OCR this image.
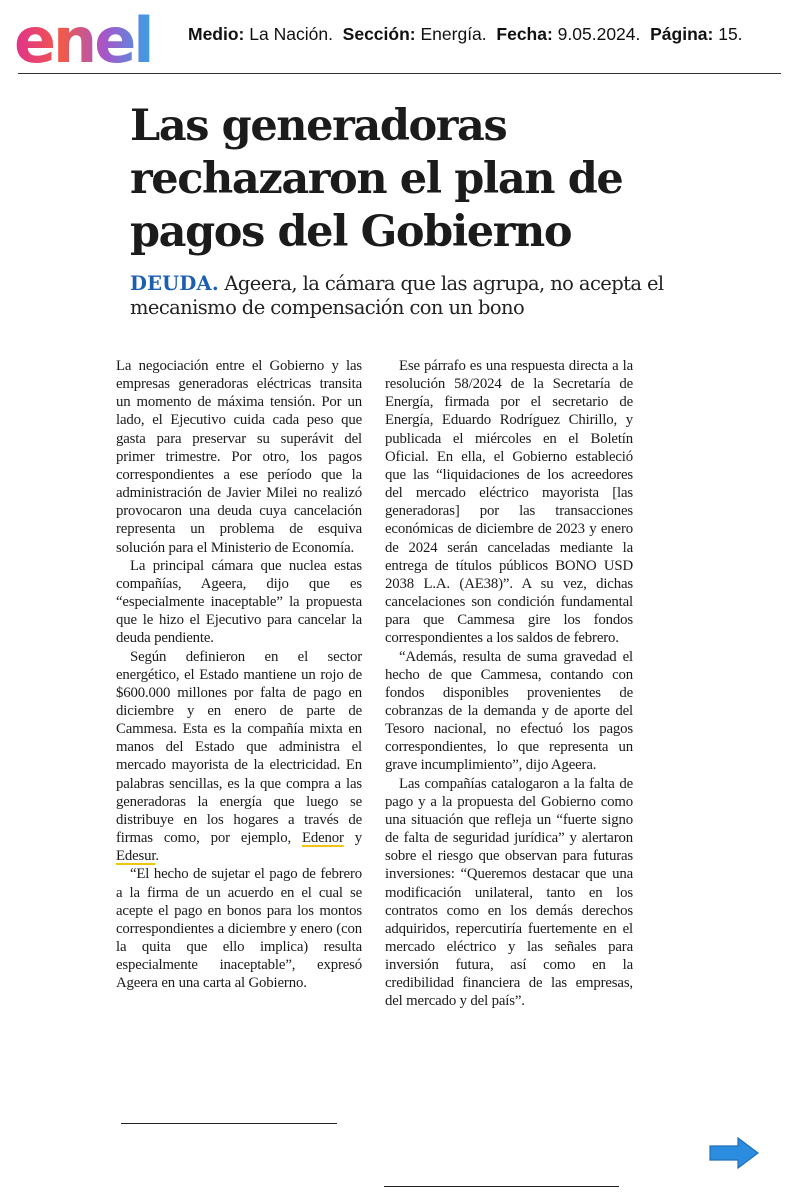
enel Medio: La Nación. Sección: Energía. Fecha: 9.05.2024. Página: 15.
Las generadoras rechazaron el plan de pagos del Gobierno

DEUDA. Ageera, la cámara que las agrupa, no acepta el mecanismo de compensación con un bono

La negociación entre el Gobierno y las empresas generadoras eléctricas transita un momento de máxima tensión. Por un lado, el Ejecutivo cuida cada peso que gasta para preservar su superávit del primer trimestre. Por otro, los pagos correspondientes a ese período que la administración de Javier Milei no realizó provocaron una deuda cuya cancelación representa un problema de esquiva solución para el Ministerio de Economía.

La principal cámara que nuclea estas compañías, Ageera, dijo que es “especialmente inaceptable” la propuesta que le hizo el Ejecutivo para cancelar la deuda pendiente.

Según definieron en el sector energético, el Estado mantiene un rojo de $600.000 millones por falta de pago en diciembre y en enero de parte de Cammesa. Esta es la compañía mixta en manos del Estado que administra el mercado mayorista de la electricidad. En palabras sencillas, es la que compra a las generadoras la energía que luego se distribuye en los hogares a través de firmas como, por ejemplo, Edenor y Edesur.

“El hecho de sujetar el pago de febrero a la firma de un acuerdo en el cual se acepte el pago en bonos para los montos correspondientes a diciembre y enero (con la quita que ello implica) resulta especialmente inaceptable”, expresó Ageera en una carta al Gobierno.

Ese párrafo es una respuesta directa a la resolución 58/2024 de la Secretaría de Energía, firmada por el secretario de Energía, Eduardo Rodríguez Chirillo, y publicada el miércoles en el Boletín Oficial. En ella, el Gobierno estableció que las “liquidaciones de los acreedores del mercado eléctrico mayorista [las generadoras] por las transacciones económicas de diciembre de 2023 y enero de 2024 serán canceladas mediante la entrega de títulos públicos BONO USD 2038 L.A. (AE38)”. A su vez, dichas cancelaciones son condición fundamental para que Cammesa gire los fondos correspondientes a los saldos de febrero.

“Además, resulta de suma gravedad el hecho de que Cammesa, contando con fondos disponibles provenientes de cobranzas de la demanda y de aporte del Tesoro nacional, no efectuó los pagos correspondientes, lo que representa un grave incumplimiento”, dijo Ageera.

Las compañías catalogaron a la falta de pago y a la propuesta del Gobierno como una situación que refleja un “fuerte signo de falta de seguridad jurídica” y alertaron sobre el riesgo que observan para futuras inversiones: “Queremos destacar que una modificación unilateral, tanto en los contratos como en los demás derechos adquiridos, repercutiría fuertemente en el mercado eléctrico y las señales para inversión futura, así como en la credibilidad financiera de las empresas, del mercado y del país”.
